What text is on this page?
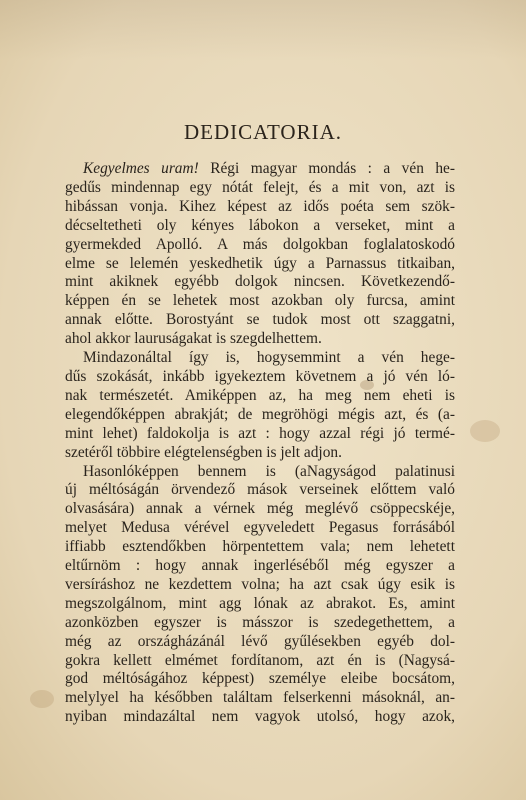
DEDICATORIA.
Kegyelmes uram! Régi magyar mondás : a vén he-
gedűs mindennap egy nótát felejt, és a mit von, azt is
hibássan vonja. Kihez képest az idős poéta sem szök-
décseltetheti oly kényes lábokon a verseket, mint a
gyermekded Apolló. A más dolgokban foglalatoskodó
elme se lelemén yeskedhetik úgy a Parnassus titkaiban,
mint akiknek egyébb dolgok nincsen. Következendő-
képpen én se lehetek most azokban oly furcsa, amint
annak előtte. Borostyánt se tudok most ott szaggatni,
ahol akkor lauruságakat is szegdelhettem.
Mindazonáltal így is, hogysemmint a vén hege-
dűs szokását, inkább igyekeztem követnem a jó vén ló-
nak természetét. Amiképpen az, ha meg nem eheti is
elegendőképpen abrakját; de megröhögi mégis azt, és (a-
mint lehet) faldokolja is azt : hogy azzal régi jó termé-
szetéről többire elégtelenségben is jelt adjon.
Hasonlóképpen bennem is (aNagyságod palatinusi
új méltóságán örvendező mások verseinek előttem való
olvasására) annak a vérnek még meglévő csöppecskéje,
melyet Medusa vérével egyveledett Pegasus forrásából
iffiabb esztendőkben hörpentettem vala; nem lehetett
eltűrnöm : hogy annak ingerléséből még egyszer a
versíráshoz ne kezdettem volna; ha azt csak úgy esik is
megszolgálnom, mint agg lónak az abrakot. Es, amint
azonközben egyszer is másszor is szedegethettem, a
még az országházánál lévő gyűlésekben egyéb dol-
gokra kellett elmémet fordítanom, azt én is (Nagysá-
god méltóságához képpest) személye eleibe bocsátom,
melylyel ha későbben találtam felserkenni másoknál, an-
nyiban mindazáltal nem vagyok utolsó, hogy azok,
